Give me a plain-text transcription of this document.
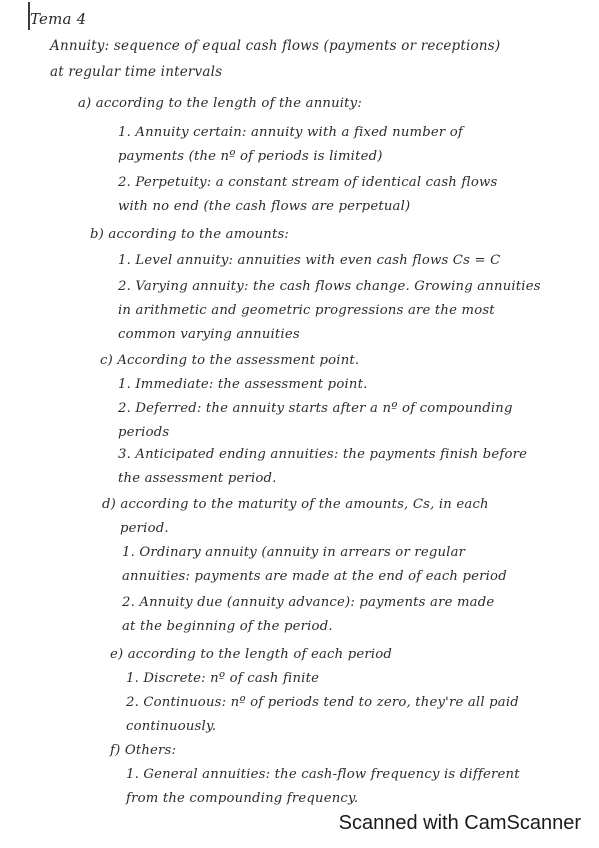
Tema 4
Annuity: sequence of equal cash flows (payments or receptions)
at regular time intervals
a) according to the length of the annuity:
1. Annuity certain: annuity with a fixed number of
payments (the nº of periods is limited)
2. Perpetuity: a constant stream of identical cash flows
with no end (the cash flows are perpetual)
b) according to the amounts:
1. Level annuity: annuities with even cash flows Cs = C
2. Varying annuity: the cash flows change. Growing annuities
in arithmetic and geometric progressions are the most
common varying annuities
c) According to the assessment point.
1. Immediate: the assessment point.
2. Deferred: the annuity starts after a nº of compounding
periods
3. Anticipated ending annuities: the payments finish before
the assessment period.
d) according to the maturity of the amounts, Cs, in each
period.
1. Ordinary annuity (annuity in arrears or regular
annuities: payments are made at the end of each period
2. Annuity due (annuity advance): payments are made
at the beginning of the period.
e) according to the length of each period
1. Discrete: nº of cash finite
2. Continuous: nº of periods tend to zero, they're all paid
continuously.
f) Others:
1. General annuities: the cash-flow frequency is different
from the compounding frequency.
Scanned with CamScanner
